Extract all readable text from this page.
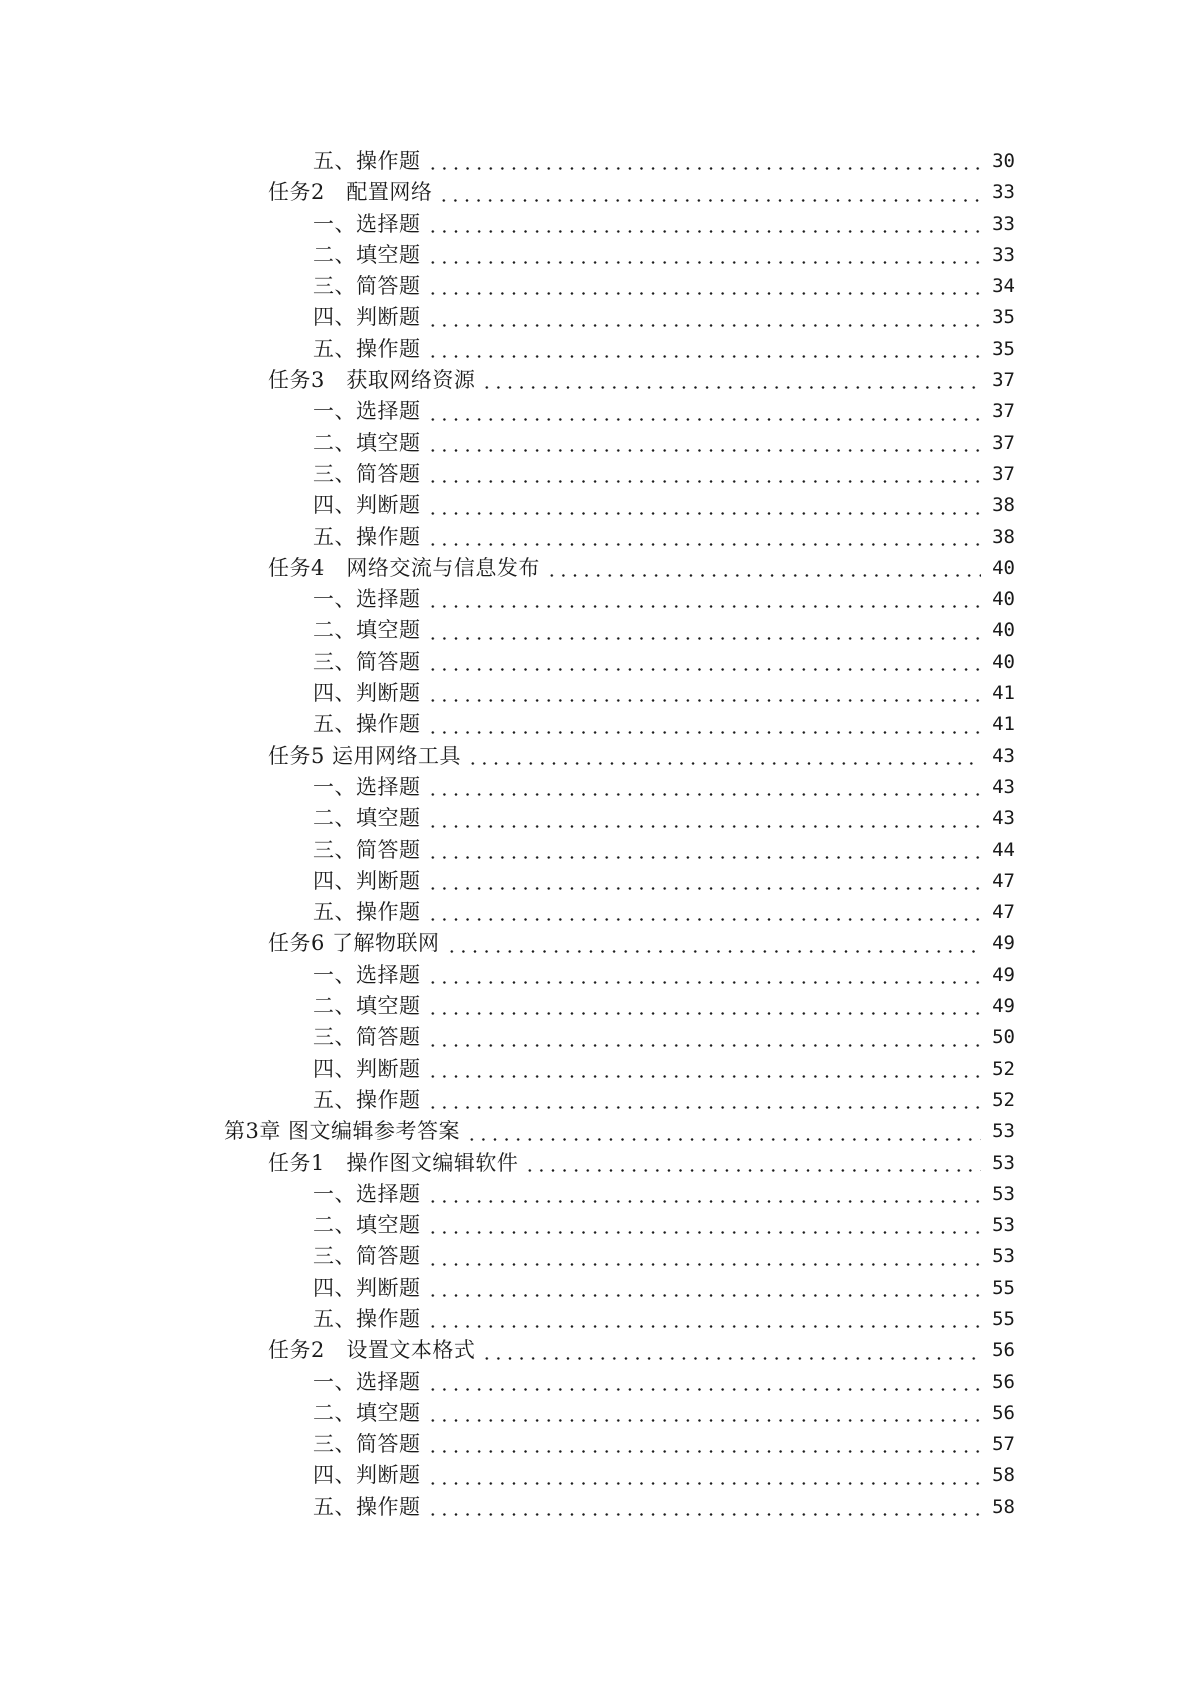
五、操作题	30
任务2　配置网络	33
一、选择题	33
二、填空题	33
三、简答题	34
四、判断题	35
五、操作题	35
任务3　获取网络资源	37
一、选择题	37
二、填空题	37
三、简答题	37
四、判断题	38
五、操作题	38
任务4　网络交流与信息发布	40
一、选择题	40
二、填空题	40
三、简答题	40
四、判断题	41
五、操作题	41
任务5 运用网络工具	43
一、选择题	43
二、填空题	43
三、简答题	44
四、判断题	47
五、操作题	47
任务6 了解物联网	49
一、选择题	49
二、填空题	49
三、简答题	50
四、判断题	52
五、操作题	52
第3章 图文编辑参考答案	53
任务1　操作图文编辑软件	53
一、选择题	53
二、填空题	53
三、简答题	53
四、判断题	55
五、操作题	55
任务2　设置文本格式	56
一、选择题	56
二、填空题	56
三、简答题	57
四、判断题	58
五、操作题	58
